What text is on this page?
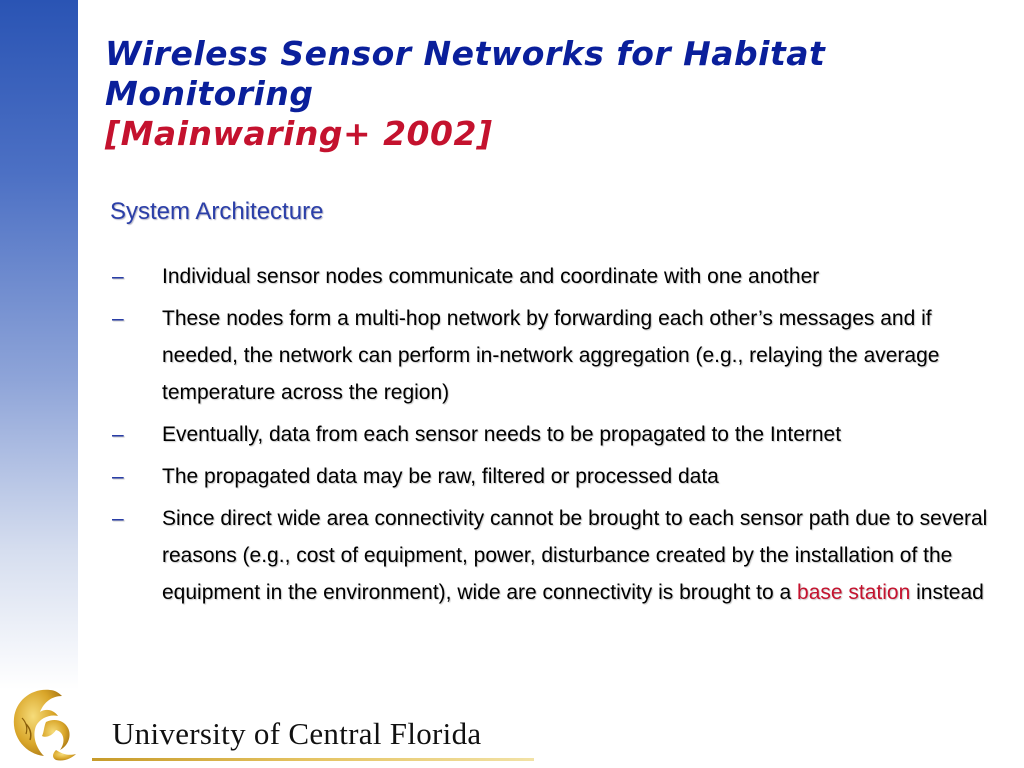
Wireless Sensor Networks for Habitat
Monitoring
[Mainwaring+ 2002]
System Architecture
– Individual sensor nodes communicate and coordinate with one another
– These nodes form a multi-hop network by forwarding each other’s messages and if needed, the network can perform in-network aggregation (e.g., relaying the average temperature across the region)
– Eventually, data from each sensor needs to be propagated to the Internet
– The propagated data may be raw, filtered or processed data
– Since direct wide area connectivity cannot be brought to each sensor path due to several reasons (e.g., cost of equipment, power, disturbance created by the installation of the equipment in the environment), wide are connectivity is brought to a base station instead
University of Central Florida
